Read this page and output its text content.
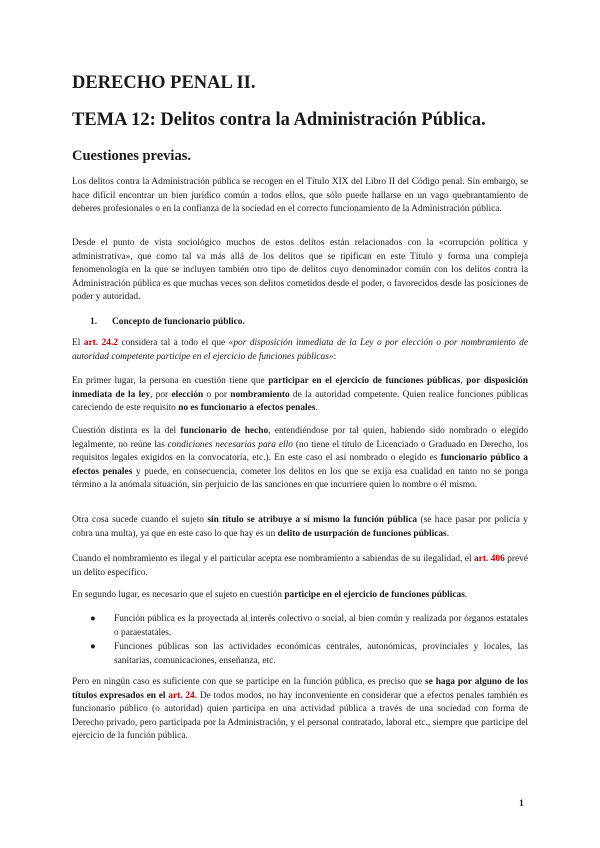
DERECHO PENAL II.
TEMA 12: Delitos contra la Administración Pública.
Cuestiones previas.

Los delitos contra la Administración pública se recogen en el Título XIX del Libro II del Código penal. Sin embargo, se hace difícil encontrar un bien jurídico común a todos ellos, que sólo puede hallarse en un vago quebrantamiento de deberes profesionales o en la confianza de la sociedad en el correcto funcionamiento de la Administración pública.

Desde el punto de vista sociológico muchos de estos delitos están relacionados con la «corrupción política y administrativa», que como tal va más allá de los delitos que se tipifican en este Título y forma una compleja fenomenología en la que se incluyen también otro tipo de delitos cuyo denominador común con los delitos contra la Administración pública es que muchas veces son delitos cometidos desde el poder, o favorecidos desde las posiciones de poder y autoridad.

1. Concepto de funcionario público.

El art. 24.2 considera tal a todo el que «por disposición inmediata de la Ley o por elección o por nombramiento de autoridad competente participe en el ejercicio de funciones públicas»:

En primer lugar, la persona en cuestión tiene que participar en el ejercicio de funciones públicas, por disposición inmediata de la ley, por elección o por nombramiento de la autoridad competente. Quien realice funciones públicas careciendo de este requisito no es funcionario a efectos penales.

Cuestión distinta es la del funcionario de hecho, entendiéndose por tal quien, habiendo sido nombrado o elegido legalmente, no reúne las condiciones necesarias para ello (no tiene el título de Licenciado o Graduado en Derecho, los requisitos legales exigidos en la convocatoria, etc.). En este caso el así nombrado o elegido es funcionario público a efectos penales y puede, en consecuencia, cometer los delitos en los que se exija esa cualidad en tanto no se ponga término a la anómala situación, sin perjuicio de las sanciones en que incurriere quien lo nombre o él mismo.

Otra cosa sucede cuando el sujeto sin título se atribuye a sí mismo la función pública (se hace pasar por policía y cobra una multa), ya que en este caso lo que hay es un delito de usurpación de funciones públicas.

Cuando el nombramiento es ilegal y el particular acepta ese nombramiento a sabiendas de su ilegalidad, el art. 406 prevé un delito específico.

En segundo lugar, es necesario que el sujeto en cuestión participe en el ejercicio de funciones públicas.

● Función pública es la proyectada al interés colectivo o social, al bien común y realizada por órganos estatales o paraestatales.
● Funciones públicas son las actividades económicas centrales, autonómicas, provinciales y locales, las sanitarias, comunicaciones, enseñanza, etc.

Pero en ningún caso es suficiente con que se participe en la función pública, es preciso que se haga por alguno de los títulos expresados en el art. 24. De todos modos, no hay inconveniente en considerar que a efectos penales también es funcionario público (o autoridad) quien participa en una actividad pública a través de una sociedad con forma de Derecho privado, pero participada por la Administración, y el personal contratado, laboral etc., siempre que participe del ejercicio de la función pública.

1
